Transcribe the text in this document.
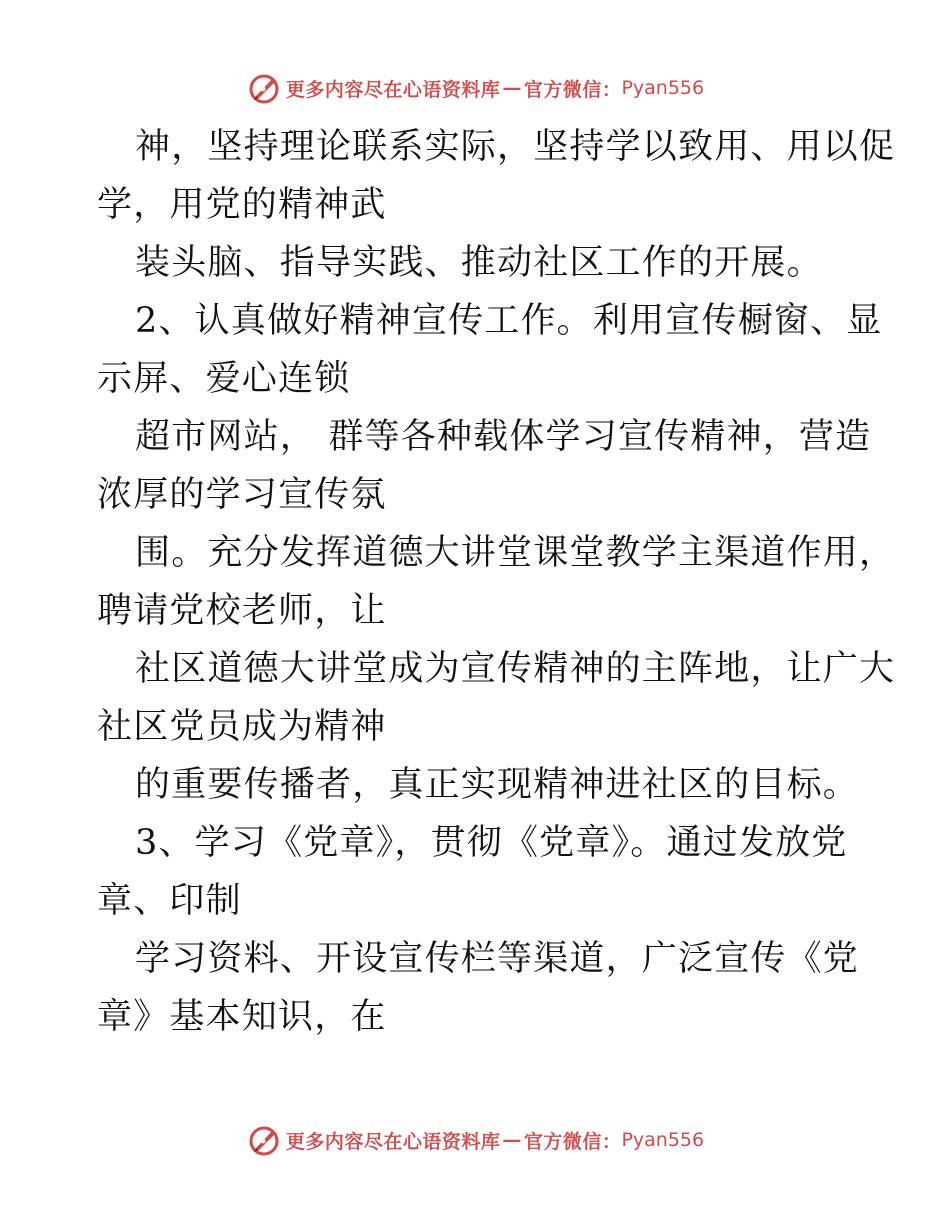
更多内容尽在心语资料库 — 官方微信： Pyan556
神，坚持理论联系实际，坚持学以致用、用以促
学，用党的精神武
装头脑、指导实践、推动社区工作的开展。
2、认真做好精神宣传工作。利用宣传橱窗、显
示屏、爱心连锁
超市网站， 群等各种载体学习宣传精神，营造
浓厚的学习宣传氛
围。充分发挥道德大讲堂课堂教学主渠道作用，
聘请党校老师，让
社区道德大讲堂成为宣传精神的主阵地，让广大
社区党员成为精神
的重要传播者，真正实现精神进社区的目标。
3、学习《党章》，贯彻《党章》。通过发放党
章、印制
学习资料、开设宣传栏等渠道，广泛宣传《党
章》基本知识，在
更多内容尽在心语资料库 — 官方微信： Pyan556
